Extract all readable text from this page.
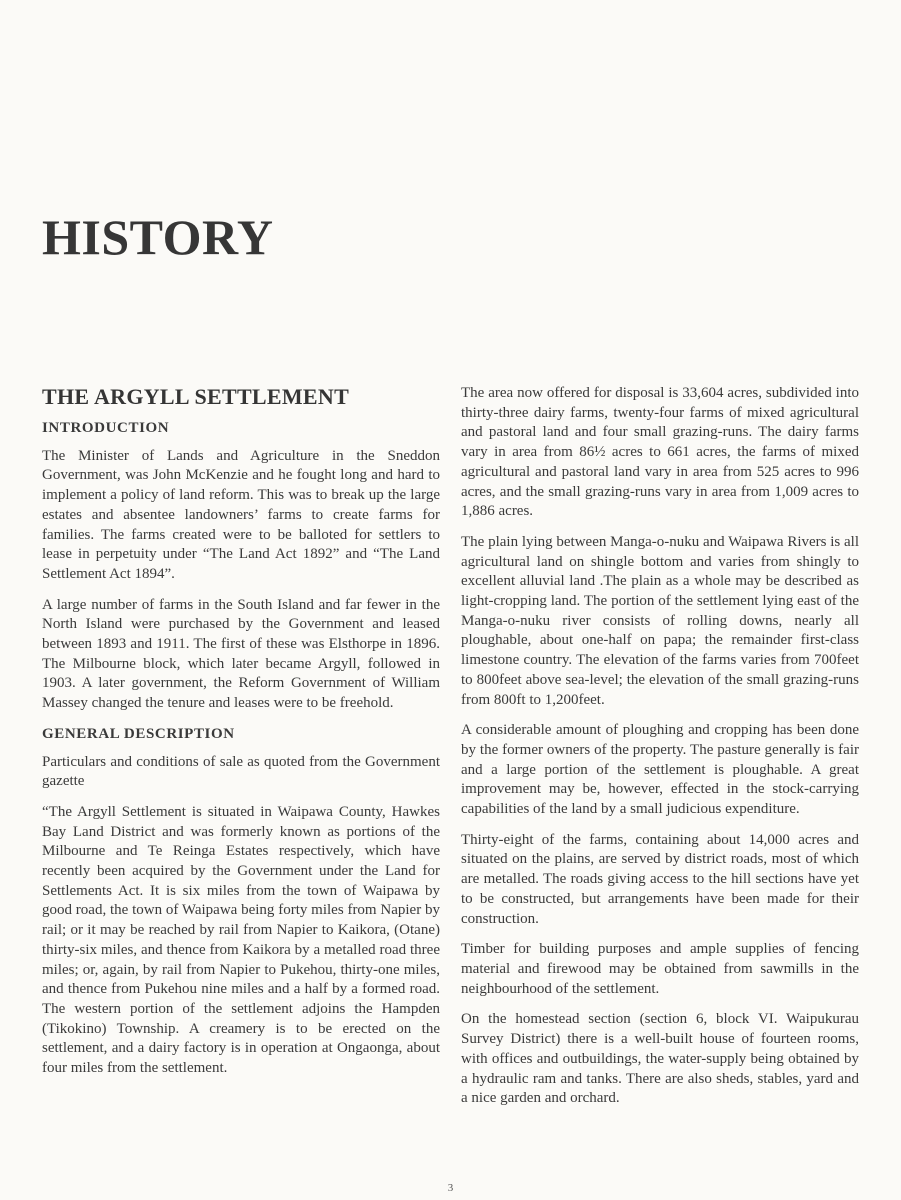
HISTORY
THE ARGYLL SETTLEMENT
INTRODUCTION

The Minister of Lands and Agriculture in the Sneddon Government, was John McKenzie and he fought long and hard to implement a policy of land reform. This was to break up the large estates and absentee landowners’ farms to create farms for families. The farms created were to be balloted for settlers to lease in perpetuity under “The Land Act 1892” and “The Land Settlement Act 1894”.

A large number of farms in the South Island and far fewer in the North Island were purchased by the Government and leased between 1893 and 1911. The first of these was Elsthorpe in 1896. The Milbourne block, which later became Argyll, followed in 1903. A later government, the Reform Government of William Massey changed the tenure and leases were to be freehold.

GENERAL DESCRIPTION

Particulars and conditions of sale as quoted from the Government gazette

“The Argyll Settlement is situated in Waipawa County, Hawkes Bay Land District and was formerly known as portions of the Milbourne and Te Reinga Estates respectively, which have recently been acquired by the Government under the Land for Settlements Act. It is six miles from the town of Waipawa by good road, the town of Waipawa being forty miles from Napier by rail; or it may be reached by rail from Napier to Kaikora, (Otane) thirty-six miles, and thence from Kaikora by a metalled road three miles; or, again, by rail from Napier to Pukehou, thirty-one miles, and thence from Pukehou nine miles and a half by a formed road. The western portion of the settlement adjoins the Hampden (Tikokino) Township. A creamery is to be erected on the settlement, and a dairy factory is in operation at Ongaonga, about four miles from the settlement.

The area now offered for disposal is 33,604 acres, subdivided into thirty-three dairy farms, twenty-four farms of mixed agricultural and pastoral land and four small grazing-runs. The dairy farms vary in area from 86½ acres to 661 acres, the farms of mixed agricultural and pastoral land vary in area from 525 acres to 996 acres, and the small grazing-runs vary in area from 1,009 acres to 1,886 acres.

The plain lying between Manga-o-nuku and Waipawa Rivers is all agricultural land on shingle bottom and varies from shingly to excellent alluvial land .The plain as a whole may be described as light-cropping land. The portion of the settlement lying east of the Manga-o-nuku river consists of rolling downs, nearly all ploughable, about one-half on papa; the remainder first-class limestone country. The elevation of the farms varies from 700feet to 800feet above sea-level; the elevation of the small grazing-runs from 800ft to 1,200feet.

A considerable amount of ploughing and cropping has been done by the former owners of the property. The pasture generally is fair and a large portion of the settlement is ploughable. A great improvement may be, however, effected in the stock-carrying capabilities of the land by a small judicious expenditure.

Thirty-eight of the farms, containing about 14,000 acres and situated on the plains, are served by district roads, most of which are metalled. The roads giving access to the hill sections have yet to be constructed, but arrangements have been made for their construction.

Timber for building purposes and ample supplies of fencing material and firewood may be obtained from sawmills in the neighbourhood of the settlement.

On the homestead section (section 6, block VI. Waipukurau Survey District) there is a well-built house of fourteen rooms, with offices and outbuildings, the water-supply being obtained by a hydraulic ram and tanks. There are also sheds, stables, yard and a nice garden and orchard.

3
